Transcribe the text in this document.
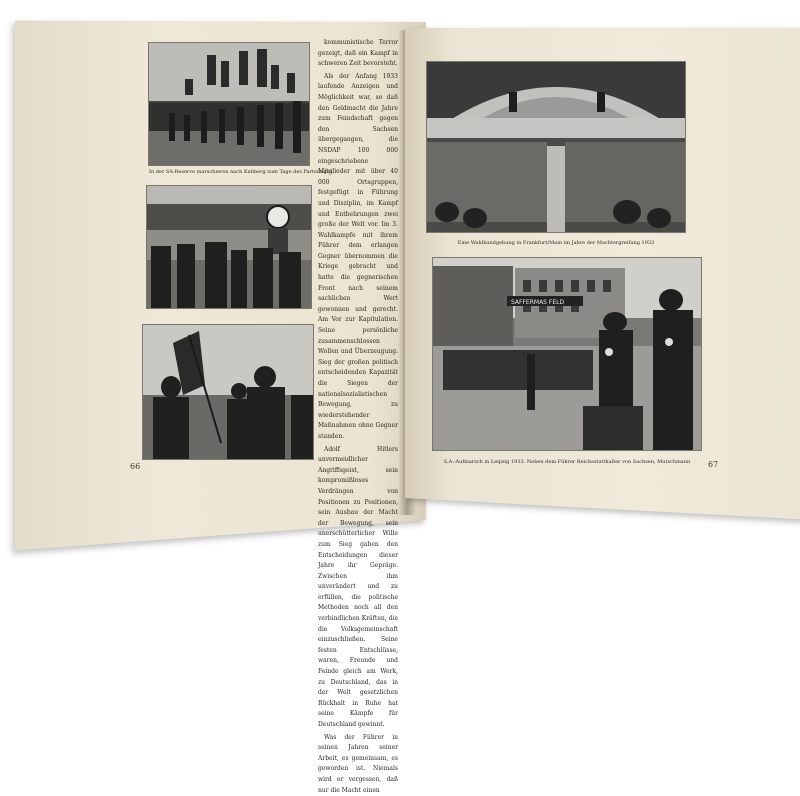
In der SA-Reserve marschieren nach Kuhberg zum Tage des Parteitages

kommunistische Terror gezeigt, daß ein Kampf in schweren Zeit bevorsteht.

Als der Anfang 1933 laufende Anzeigen und Möglichkeit war, so daß den Geldmacht die Jahre zum Feindschaft gegen den Sachsen übergegangen, die NSDAP 100 000 eingeschriebene Mitglieder mit über 40 000 Ortsgruppen, festgefügt in Führung und Disziplin, im Kampf und Entbehrungen zwei große der Welt vor. Im 3. Wahlkampfe mit ihrem Führer dem erlangen Gegner übernommen die Kriege gebracht und hatte die gegnerischen Front nach seinem sachlichen Wert gewonnen und gerecht. Am Vor zur Kapitulation. Seine persönliche zusammenschlossen Wollen und Überzeugung. Sieg der großen politisch entscheidenden Kapazität die Siegen der nationalsozialistischen Bewegung, zu wiederstehender Maßnahmen ohne Gegner standen.

Adolf Hitlers unvermeidlicher Angriffsgeist, sein kompromißloses Verdrängen von Positionen zu Positionen, sein Ausbau der Macht der Bewegung, sein unerschütterlicher Wille zum Sieg gaben den Entscheidungen dieser Jahre ihr Gepräge. Zwischen ihm unverändert und zu erfüllen, die politische Methoden noch all den verbindlichen Kräften, die die Volksgemeinschaft einzuschließen. Seine festen Entschlüsse, waren, Freunde und Feinde gleich am Werk, zu Deutschland, das in der Welt gesetzlichen Rückhalt in Ruhe hat seine Kämpfe für Deutschland gewinnt.

Was der Führer in seinen Jahren seiner Arbeit, es gemeinsam, es geworden ist. Niemals wird er vergessen, daß nur die Macht einen

66

Eine Wahlkundgebung in Frankfurt/Main im Jahre der Machtergreifung 1933

SAFFERMAS FELD

S.A.-Aufmarsch in Leipzig 1933. Neben dem Führer Reichsstatthalter von Sachsen, Mutschmann	67
